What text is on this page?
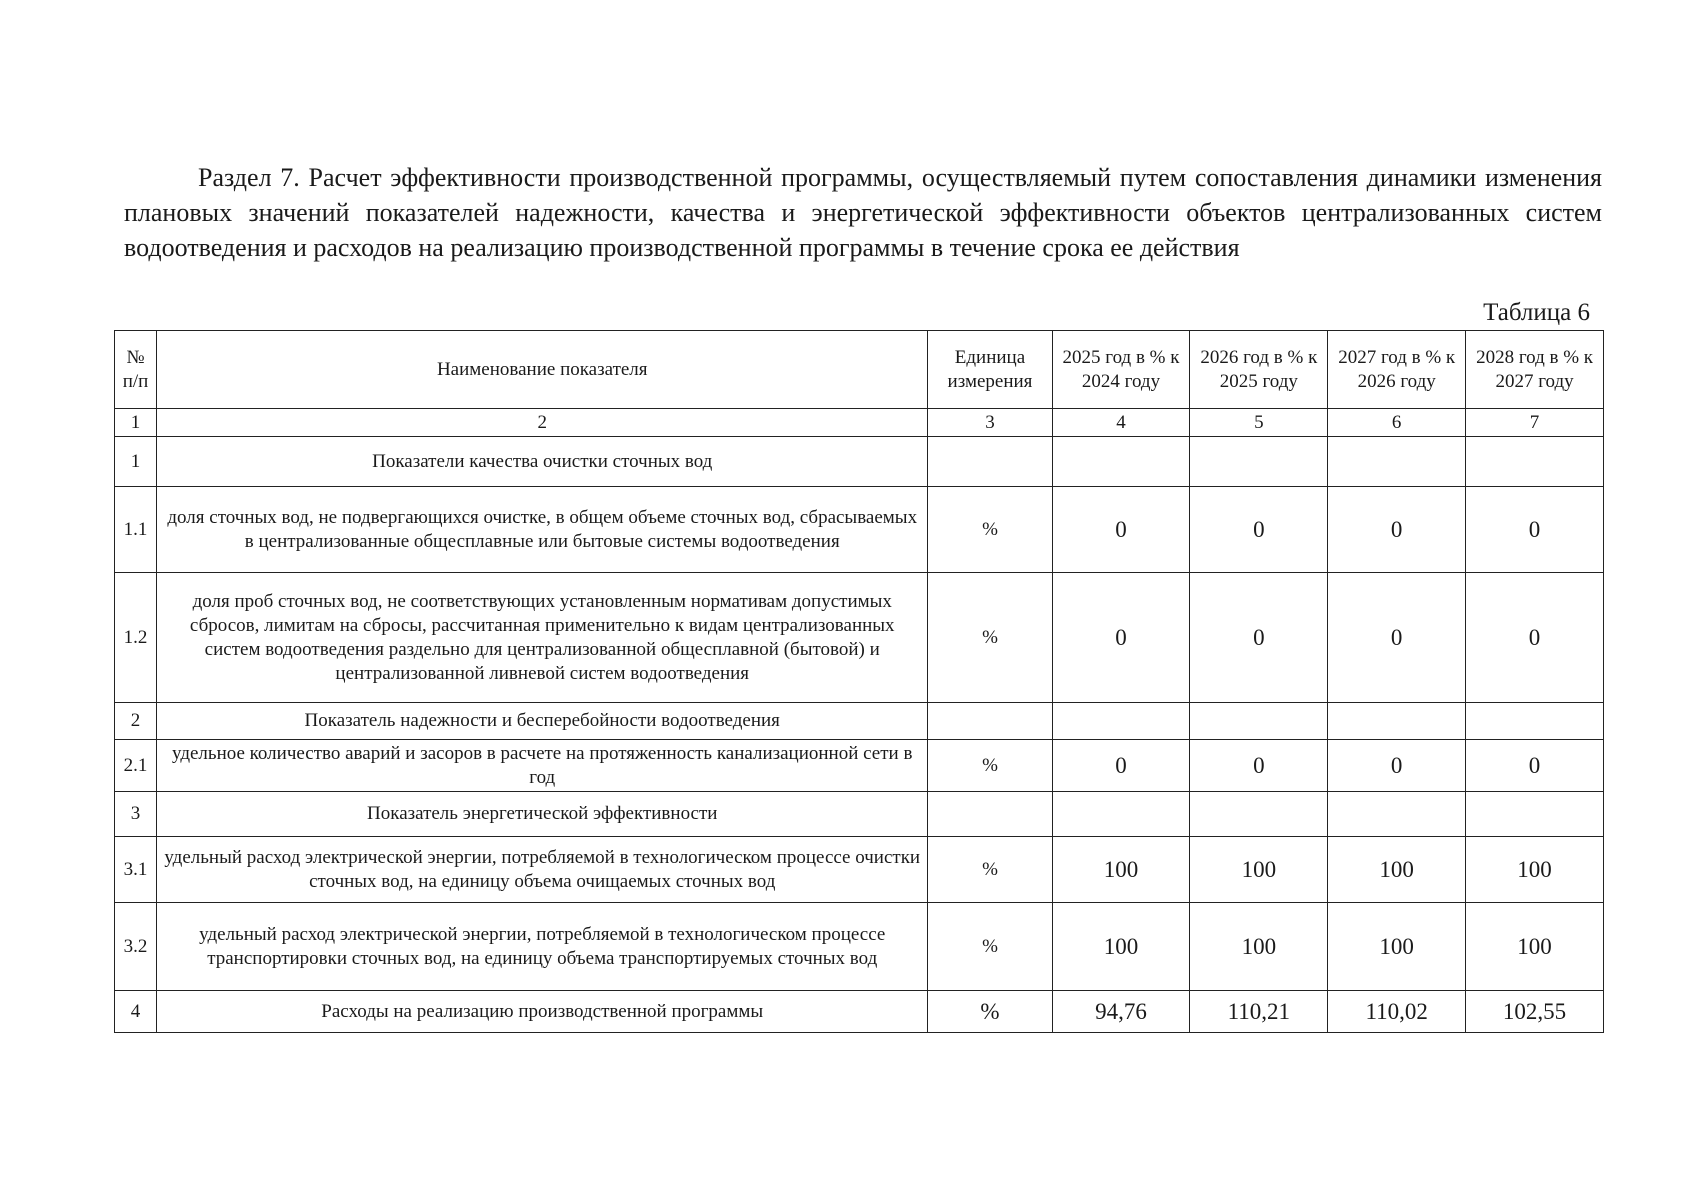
Раздел 7. Расчет эффективности производственной программы, осуществляемый путем сопоставления динамики изменения плановых значений показателей надежности, качества и энергетической эффективности объектов централизованных систем водоотведения и расходов на реализацию производственной программы в течение срока ее действия

Таблица 6
№ п/п	Наименование показателя	Единица измерения	2025 год в % к 2024 году	2026 год в % к 2025 году	2027 год в % к 2026 году	2028 год в % к 2027 году
1	2	3	4	5	6	7
1	Показатели качества очистки сточных вод					
1.1	доля сточных вод, не подвергающихся очистке, в общем объеме сточных вод, сбрасываемых в централизованные общесплавные или бытовые системы водоотведения	%	0	0	0	0
1.2	доля проб сточных вод, не соответствующих установленным нормативам допустимых сбросов, лимитам на сбросы, рассчитанная применительно к видам централизованных систем водоотведения раздельно для централизованной общесплавной (бытовой) и централизованной ливневой систем водоотведения	%	0	0	0	0
2	Показатель надежности и бесперебойности водоотведения					
2.1	удельное количество аварий и засоров в расчете на протяженность канализационной сети в год	%	0	0	0	0
3	Показатель энергетической эффективности					
3.1	удельный расход электрической энергии, потребляемой в технологическом процессе очистки сточных вод, на единицу объема очищаемых сточных вод	%	100	100	100	100
3.2	удельный расход электрической энергии, потребляемой в технологическом процессе транспортировки сточных вод, на единицу объема транспортируемых сточных вод	%	100	100	100	100
4	Расходы на реализацию производственной программы	%	94,76	110,21	110,02	102,55
